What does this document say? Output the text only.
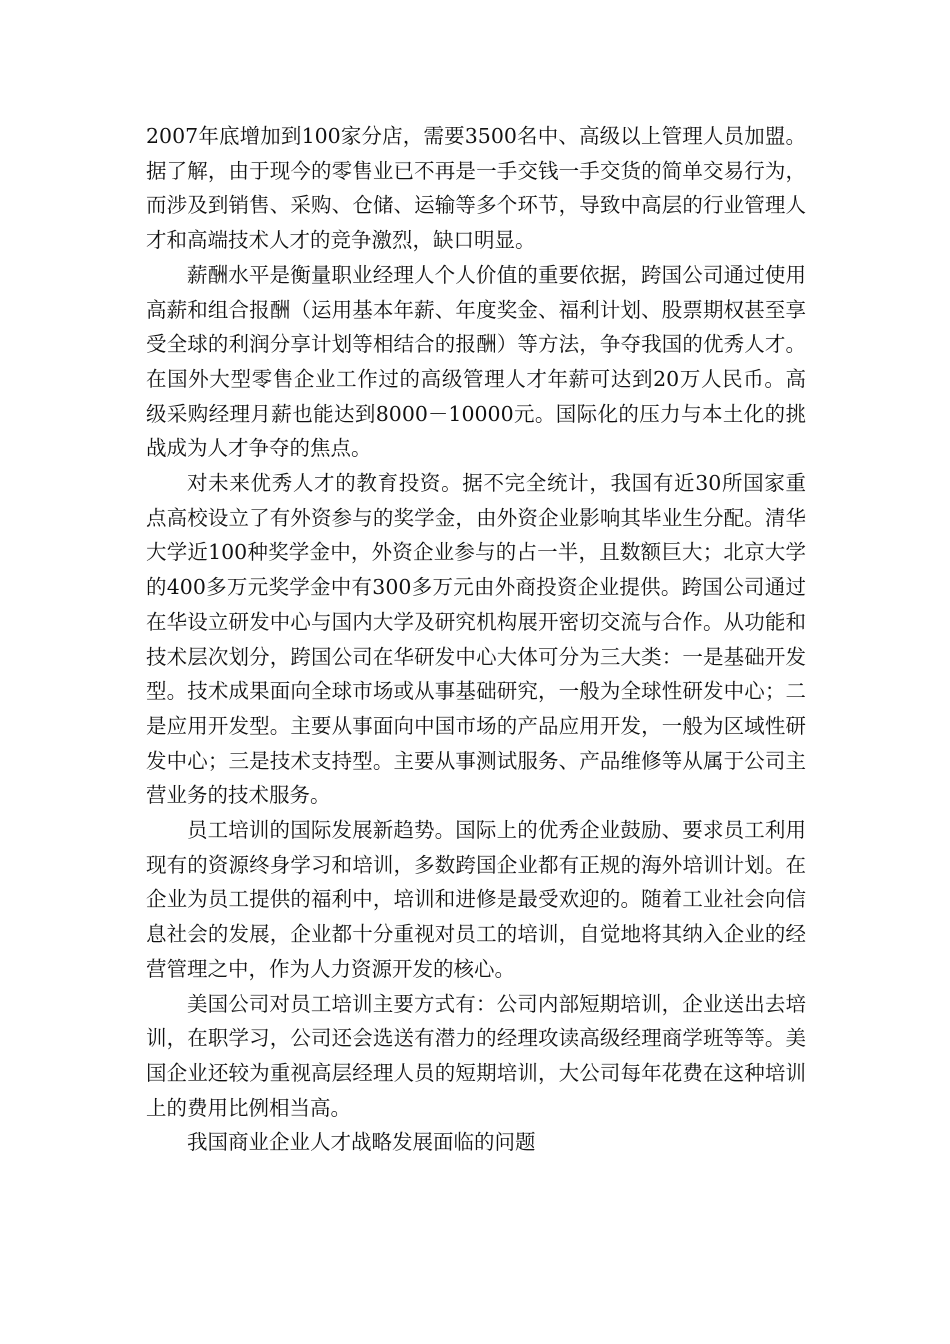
2007年底增加到100家分店，需要3500名中、高级以上管理人员加盟。据了解，由于现今的零售业已不再是一手交钱一手交货的简单交易行为，而涉及到销售、采购、仓储、运输等多个环节，导致中高层的行业管理人才和高端技术人才的竞争激烈，缺口明显。

薪酬水平是衡量职业经理人个人价值的重要依据，跨国公司通过使用高薪和组合报酬（运用基本年薪、年度奖金、福利计划、股票期权甚至享受全球的利润分享计划等相结合的报酬）等方法，争夺我国的优秀人才。在国外大型零售企业工作过的高级管理人才年薪可达到20万人民币。高级采购经理月薪也能达到8000－10000元。国际化的压力与本土化的挑战成为人才争夺的焦点。

对未来优秀人才的教育投资。据不完全统计，我国有近30所国家重点高校设立了有外资参与的奖学金，由外资企业影响其毕业生分配。清华大学近100种奖学金中，外资企业参与的占一半，且数额巨大；北京大学的400多万元奖学金中有300多万元由外商投资企业提供。跨国公司通过在华设立研发中心与国内大学及研究机构展开密切交流与合作。从功能和技术层次划分，跨国公司在华研发中心大体可分为三大类：一是基础开发型。技术成果面向全球市场或从事基础研究，一般为全球性研发中心；二是应用开发型。主要从事面向中国市场的产品应用开发，一般为区域性研发中心；三是技术支持型。主要从事测试服务、产品维修等从属于公司主营业务的技术服务。

员工培训的国际发展新趋势。国际上的优秀企业鼓励、要求员工利用现有的资源终身学习和培训，多数跨国企业都有正规的海外培训计划。在企业为员工提供的福利中，培训和进修是最受欢迎的。随着工业社会向信息社会的发展，企业都十分重视对员工的培训，自觉地将其纳入企业的经营管理之中，作为人力资源开发的核心。

美国公司对员工培训主要方式有：公司内部短期培训，企业送出去培训，在职学习，公司还会选送有潜力的经理攻读高级经理商学班等等。美国企业还较为重视高层经理人员的短期培训，大公司每年花费在这种培训上的费用比例相当高。

我国商业企业人才战略发展面临的问题
